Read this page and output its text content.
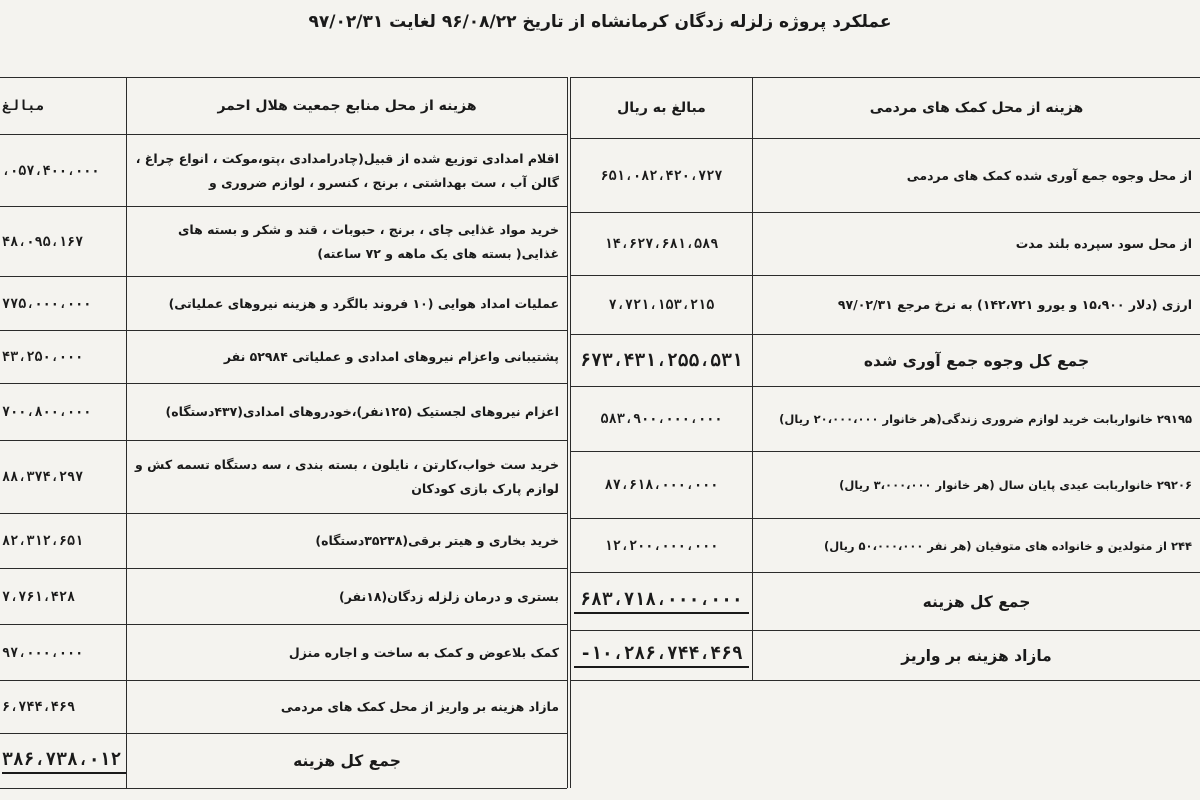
عملکرد پروژه زلزله زدگان کرمانشاه از تاریخ ۹۶/۰۸/۲۲ لغایت ۹۷/۰۲/۳۱
هزینه از محل کمک های مردمی
مبالغ به ریال
از محل وجوه جمع آوری شده کمک های مردمی
۶۵۱،۰۸۲،۴۲۰،۷۲۷
از محل سود سپرده بلند مدت
۱۴،۶۲۷،۶۸۱،۵۸۹
ارزی (دلار ۱۵،۹۰۰ و یورو ۱۴۲،۷۲۱) به نرخ مرجع ۹۷/۰۲/۳۱
۷،۷۲۱،۱۵۳،۲۱۵
جمع کل وجوه جمع آوری شده
۶۷۳،۴۳۱،۲۵۵،۵۳۱
۲۹۱۹۵ خانواربابت خرید لوازم ضروری زندگی(هر خانوار ۲۰،۰۰۰،۰۰۰ ریال)
۵۸۳،۹۰۰،۰۰۰،۰۰۰
۲۹۲۰۶ خانواربابت عیدی پایان سال (هر خانوار ۳،۰۰۰،۰۰۰ ریال)
۸۷،۶۱۸،۰۰۰،۰۰۰
۲۴۴ از متولدین و خانواده های متوفیان (هر نفر ۵۰،۰۰۰،۰۰۰ ریال)
۱۲،۲۰۰،۰۰۰،۰۰۰
جمع کل هزینه
۶۸۳،۷۱۸،۰۰۰،۰۰۰
مازاد هزینه بر واریز
-۱۰،۲۸۶،۷۴۴،۴۶۹
هزینه از محل منابع جمعیت هلال احمر
مبالغ
اقلام امدادی توزیع شده از قبیل(چادرامدادی ،پتو،موکت ، انواع چراغ ، گالن آب ، ست بهداشتی ، برنج ، کنسرو ، لوازم ضروری و
،۰۵۷،۴۰۰،۰۰۰
خرید مواد غذایی چای ، برنج ، حبوبات ، قند و شکر و بسته های غذایی( بسته های یک ماهه و ۷۲ ساعته)
۴۸،۰۹۵،۱۶۷
عملیات امداد هوایی (۱۰ فروند بالگرد و هزینه نیروهای عملیاتی)
۷۷۵،۰۰۰،۰۰۰
پشتیبانی واعزام نیروهای امدادی و عملیاتی ۵۲۹۸۴ نفر
۴۳،۲۵۰،۰۰۰
اعزام نیروهای لجستیک (۱۲۵نفر)،خودروهای امدادی(۴۳۷دستگاه)
۷۰۰،۸۰۰،۰۰۰
خرید ست خواب،کارتن ، نایلون ، بسته بندی ، سه دستگاه تسمه کش و لوازم پارک بازی کودکان
۸۸،۳۷۴،۲۹۷
خرید بخاری و هیتر برقی(۳۵۲۳۸دستگاه)
۸۲،۳۱۲،۶۵۱
بستری و درمان زلزله زدگان(۱۸نفر)
۷،۷۶۱،۴۲۸
کمک بلاعوض و کمک به ساخت و اجاره منزل
۹۷،۰۰۰،۰۰۰
مازاد هزینه بر واریز از محل کمک های مردمی
۶،۷۴۴،۴۶۹
جمع کل هزینه
۳۸۶،۷۳۸،۰۱۲
